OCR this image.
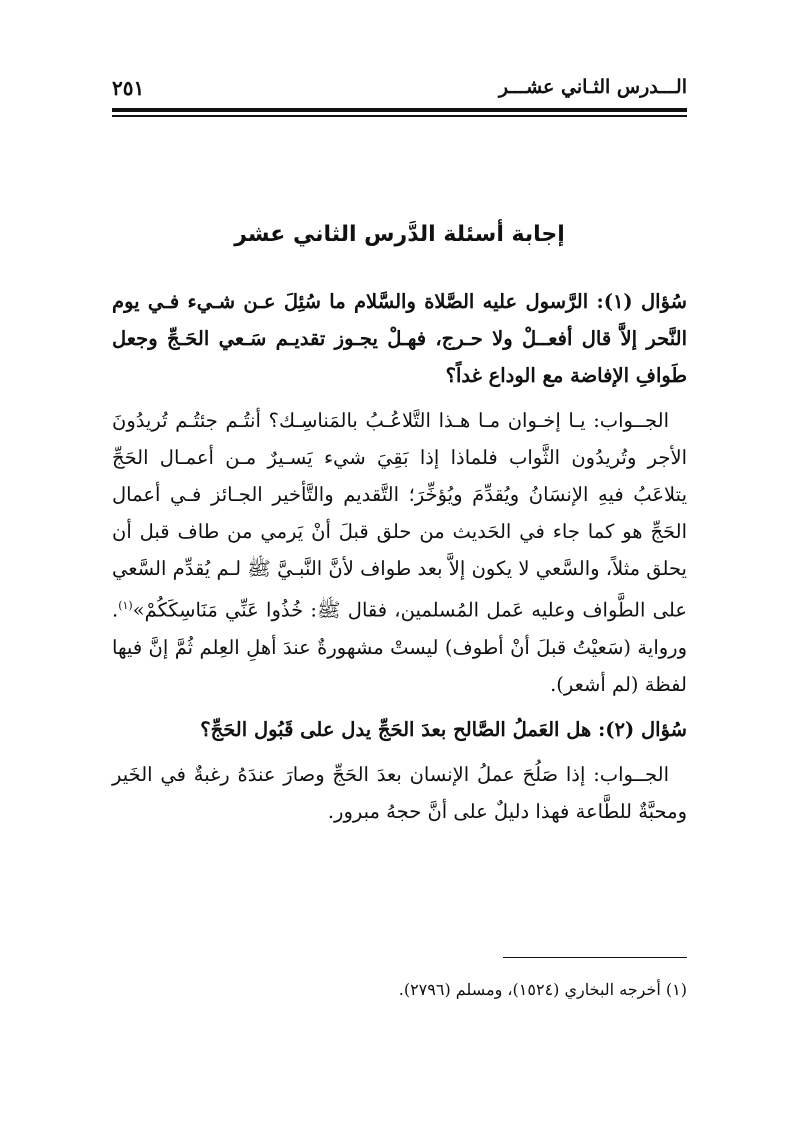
الـــدرس الثـاني عشـــر
٢٥١
إجابة أسئلة الدَّرس الثاني عشر

سُؤال (١): الرَّسول عليه الصَّلاة والسَّلام ما سُئِلَ عـن شـيء فـي يوم النَّحر إلاَّ قال أفعــلْ ولا حـرج، فهـلْ يجـوز تقديـم سَـعي الحَـجِّ وجعل طَوافِ الإفاضة مع الوداع غداً؟

الجــواب: يـا إخـوان مـا هـذا التَّلاعُـبُ بالمَناسِـك؟ أنتُـم جئتُـم تُريدُونَ الأجر وتُريدُون الثَّواب فلماذا إذا بَقِيَ شيء يَسـيرٌ مـن أعمـال الحَجِّ يتلاعَبُ فيهِ الإنسَانُ ويُقدِّمَ ويُؤخِّرَ؛ التَّقديم والتَّأخير الجـائز فـي أعمال الحَجِّ هو كما جاء في الحَديث من حلق قبلَ أنْ يَرمي من طاف قبل أن يحلق مثلاً، والسَّعي لا يكون إلاَّ بعد طواف لأنَّ النَّبـيَّ ﷺ لـم يُقدِّم السَّعي على الطَّواف وعليه عَمل المُسلمين، فقال ﷺ: خُذُوا عَنِّي مَنَاسِكَكُمْ»$^{(١)}$. ورواية (سَعيْتُ قبلَ أنْ أطوف) ليستْ مشهورةٌ عندَ أهلِ العِلم ثُمَّ إنَّ فيها لفظة (لم أشعر).

سُؤال (٢): هل العَملُ الصَّالح بعدَ الحَجِّ يدل على قَبُول الحَجِّ؟

الجــواب: إذا صَلُحَ عملُ الإنسان بعدَ الحَجِّ وصارَ عندَهُ رغبةٌ في الخَير ومحبَّةٌ للطَّاعة فهذا دليلٌ على أنَّ حجهُ مبرور.

(١) أخرجه البخاري (١٥٢٤)، ومسلم (٢٧٩٦).
